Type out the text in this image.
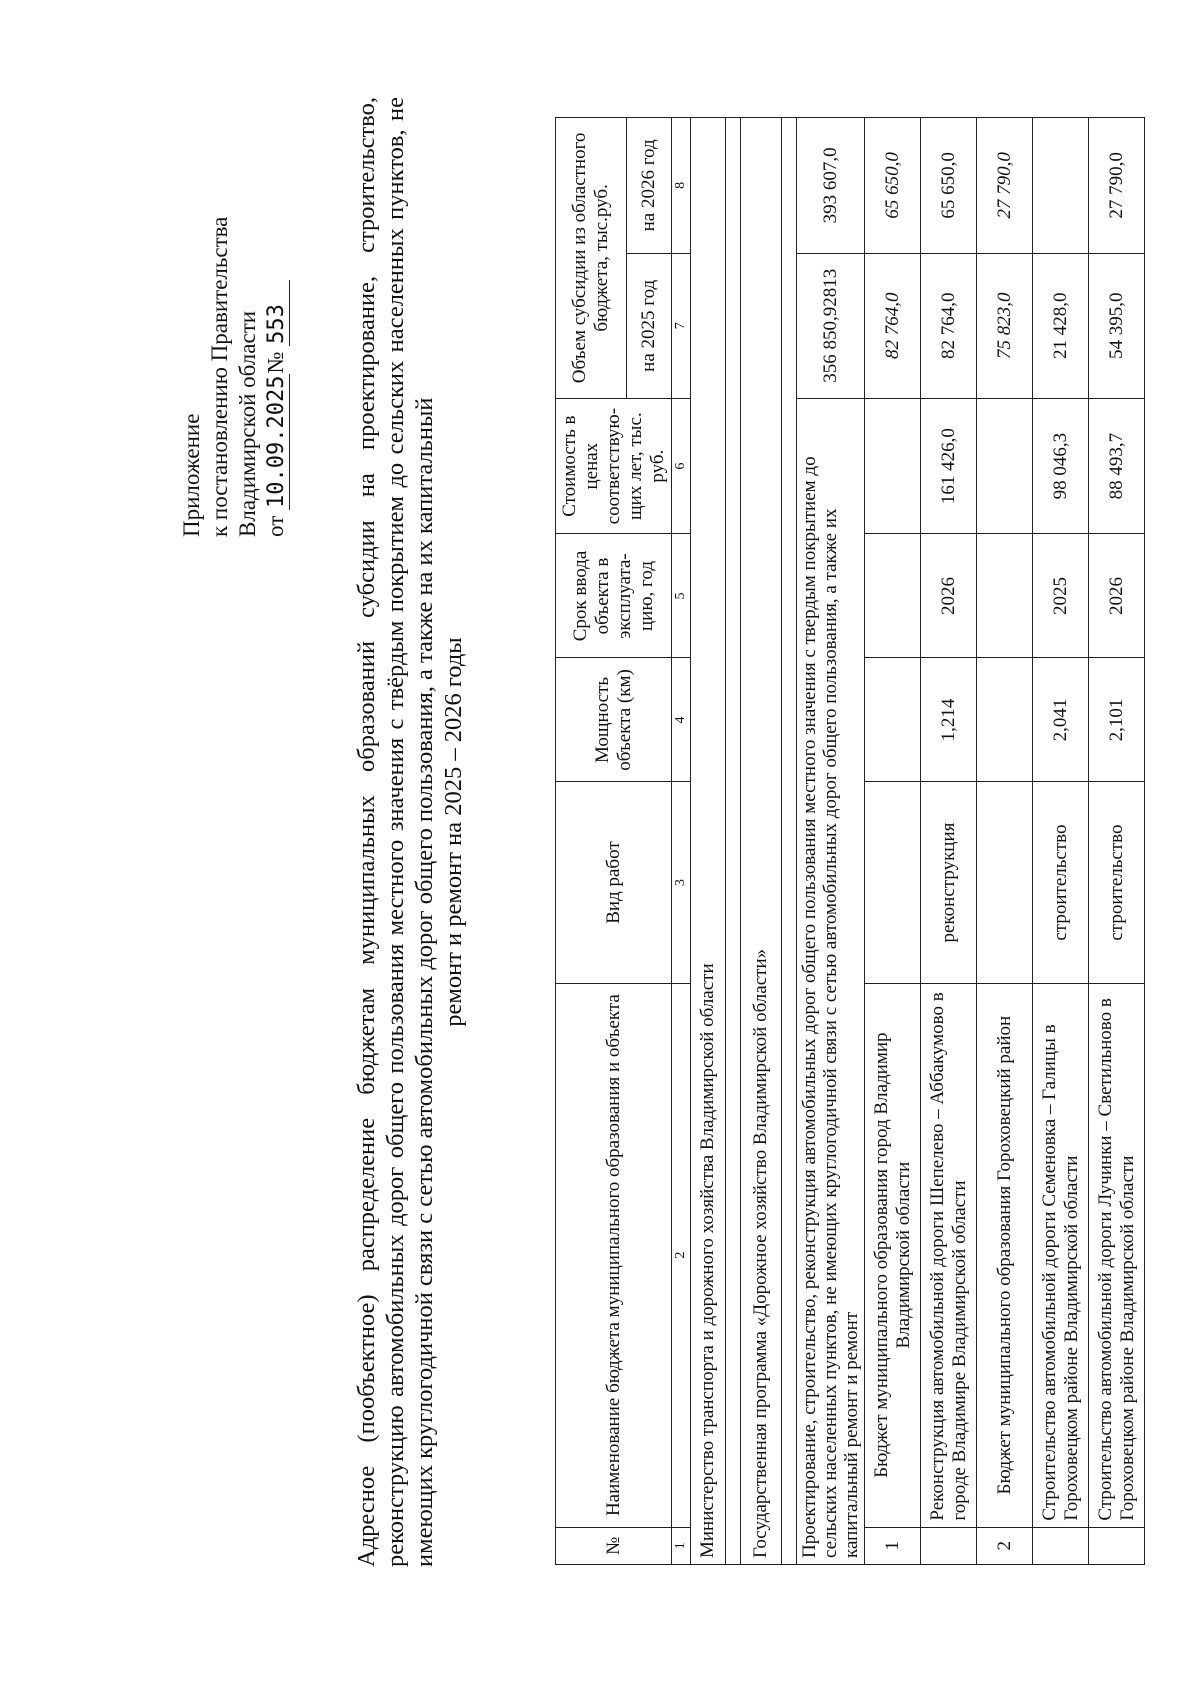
Приложение к постановлению Правительства Владимирской области от 10.09.2025№ 553	Адресное (пообъектное) распределение бюджетам муниципальных образований субсидии на проектирование, строительство, реконструкцию автомобильных дорог общего пользования местного значения с твёрдым покрытием до сельских населенных пунктов, не имеющих круглогодичной связи с сетью автомобильных дорог общего пользования, а также на их капитальный ремонт и ремонт на 2025 – 2026 годы
№	Наименование бюджета муниципального образования и объекта	Вид работ	Мощность объекта (км)	Срок ввода объекта в эксплуата-цию, год	Стоимость в ценах соответствую-щих лет, тыс. руб.	Объем субсидии из областного бюджета, тыс.руб.	
						на 2025 год	на 2026 год
1	2	3	4	5	6	7	8
Министерство транспорта и дорожного хозяйства Владимирской области							

Государственная программа «Дорожное хозяйство Владимирской области»							

Проектирование, строительство, реконструкция автомобильных дорог общего пользования местного значения с твердым покрытием до сельских населенных пунктов, не имеющих круглогодичной связи с сетью автомобильных дорог общего пользования, а также их капитальный ремонт и ремонт						356 850,92813	393 607,0
1	Бюджет муниципального образования город Владимир Владимирской области					82 764,0	65 650,0
	Реконструкция автомобильной дороги Шепелево – Аббакумово в городе Владимире Владимирской области	реконструкция	1,214	2026	161 426,0	82 764,0	65 650,0
2	Бюджет муниципального образования Гороховецкий район					75 823,0	27 790,0
	Строительство автомобильной дороги Семеновка – Галицы в Гороховецком районе Владимирской области	строительство	2,041	2025	98 046,3	21 428,0	
	Строительство автомобильной дороги Лучинки – Светильново в Гороховецком районе Владимирской области	строительство	2,101	2026	88 493,7	54 395,0	27 790,0
